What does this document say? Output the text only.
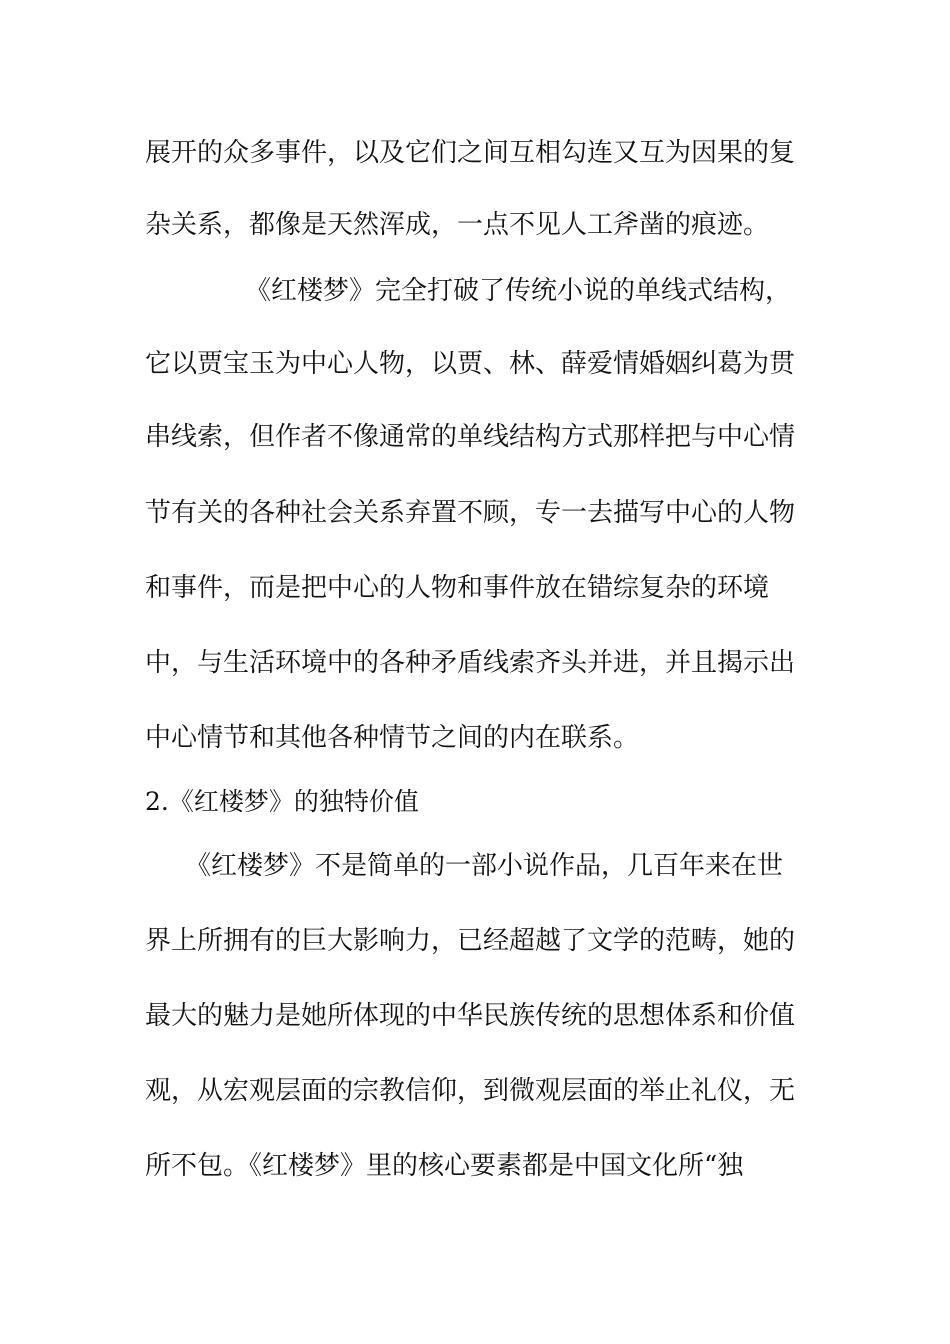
展开的众多事件，以及它们之间互相勾连又互为因果的复
杂关系，都像是天然浑成，一点不见人工斧凿的痕迹。
《红楼梦》完全打破了传统小说的单线式结构，
它以贾宝玉为中心人物，以贾、林、薛爱情婚姻纠葛为贯
串线索，但作者不像通常的单线结构方式那样把与中心情
节有关的各种社会关系弃置不顾，专一去描写中心的人物
和事件，而是把中心的人物和事件放在错综复杂的环境
中，与生活环境中的各种矛盾线索齐头并进，并且揭示出
中心情节和其他各种情节之间的内在联系。
2.《红楼梦》的独特价值
《红楼梦》不是简单的一部小说作品，几百年来在世
界上所拥有的巨大影响力，已经超越了文学的范畴，她的
最大的魅力是她所体现的中华民族传统的思想体系和价值
观，从宏观层面的宗教信仰，到微观层面的举止礼仪，无
所不包。《红楼梦》里的核心要素都是中国文化所“独
